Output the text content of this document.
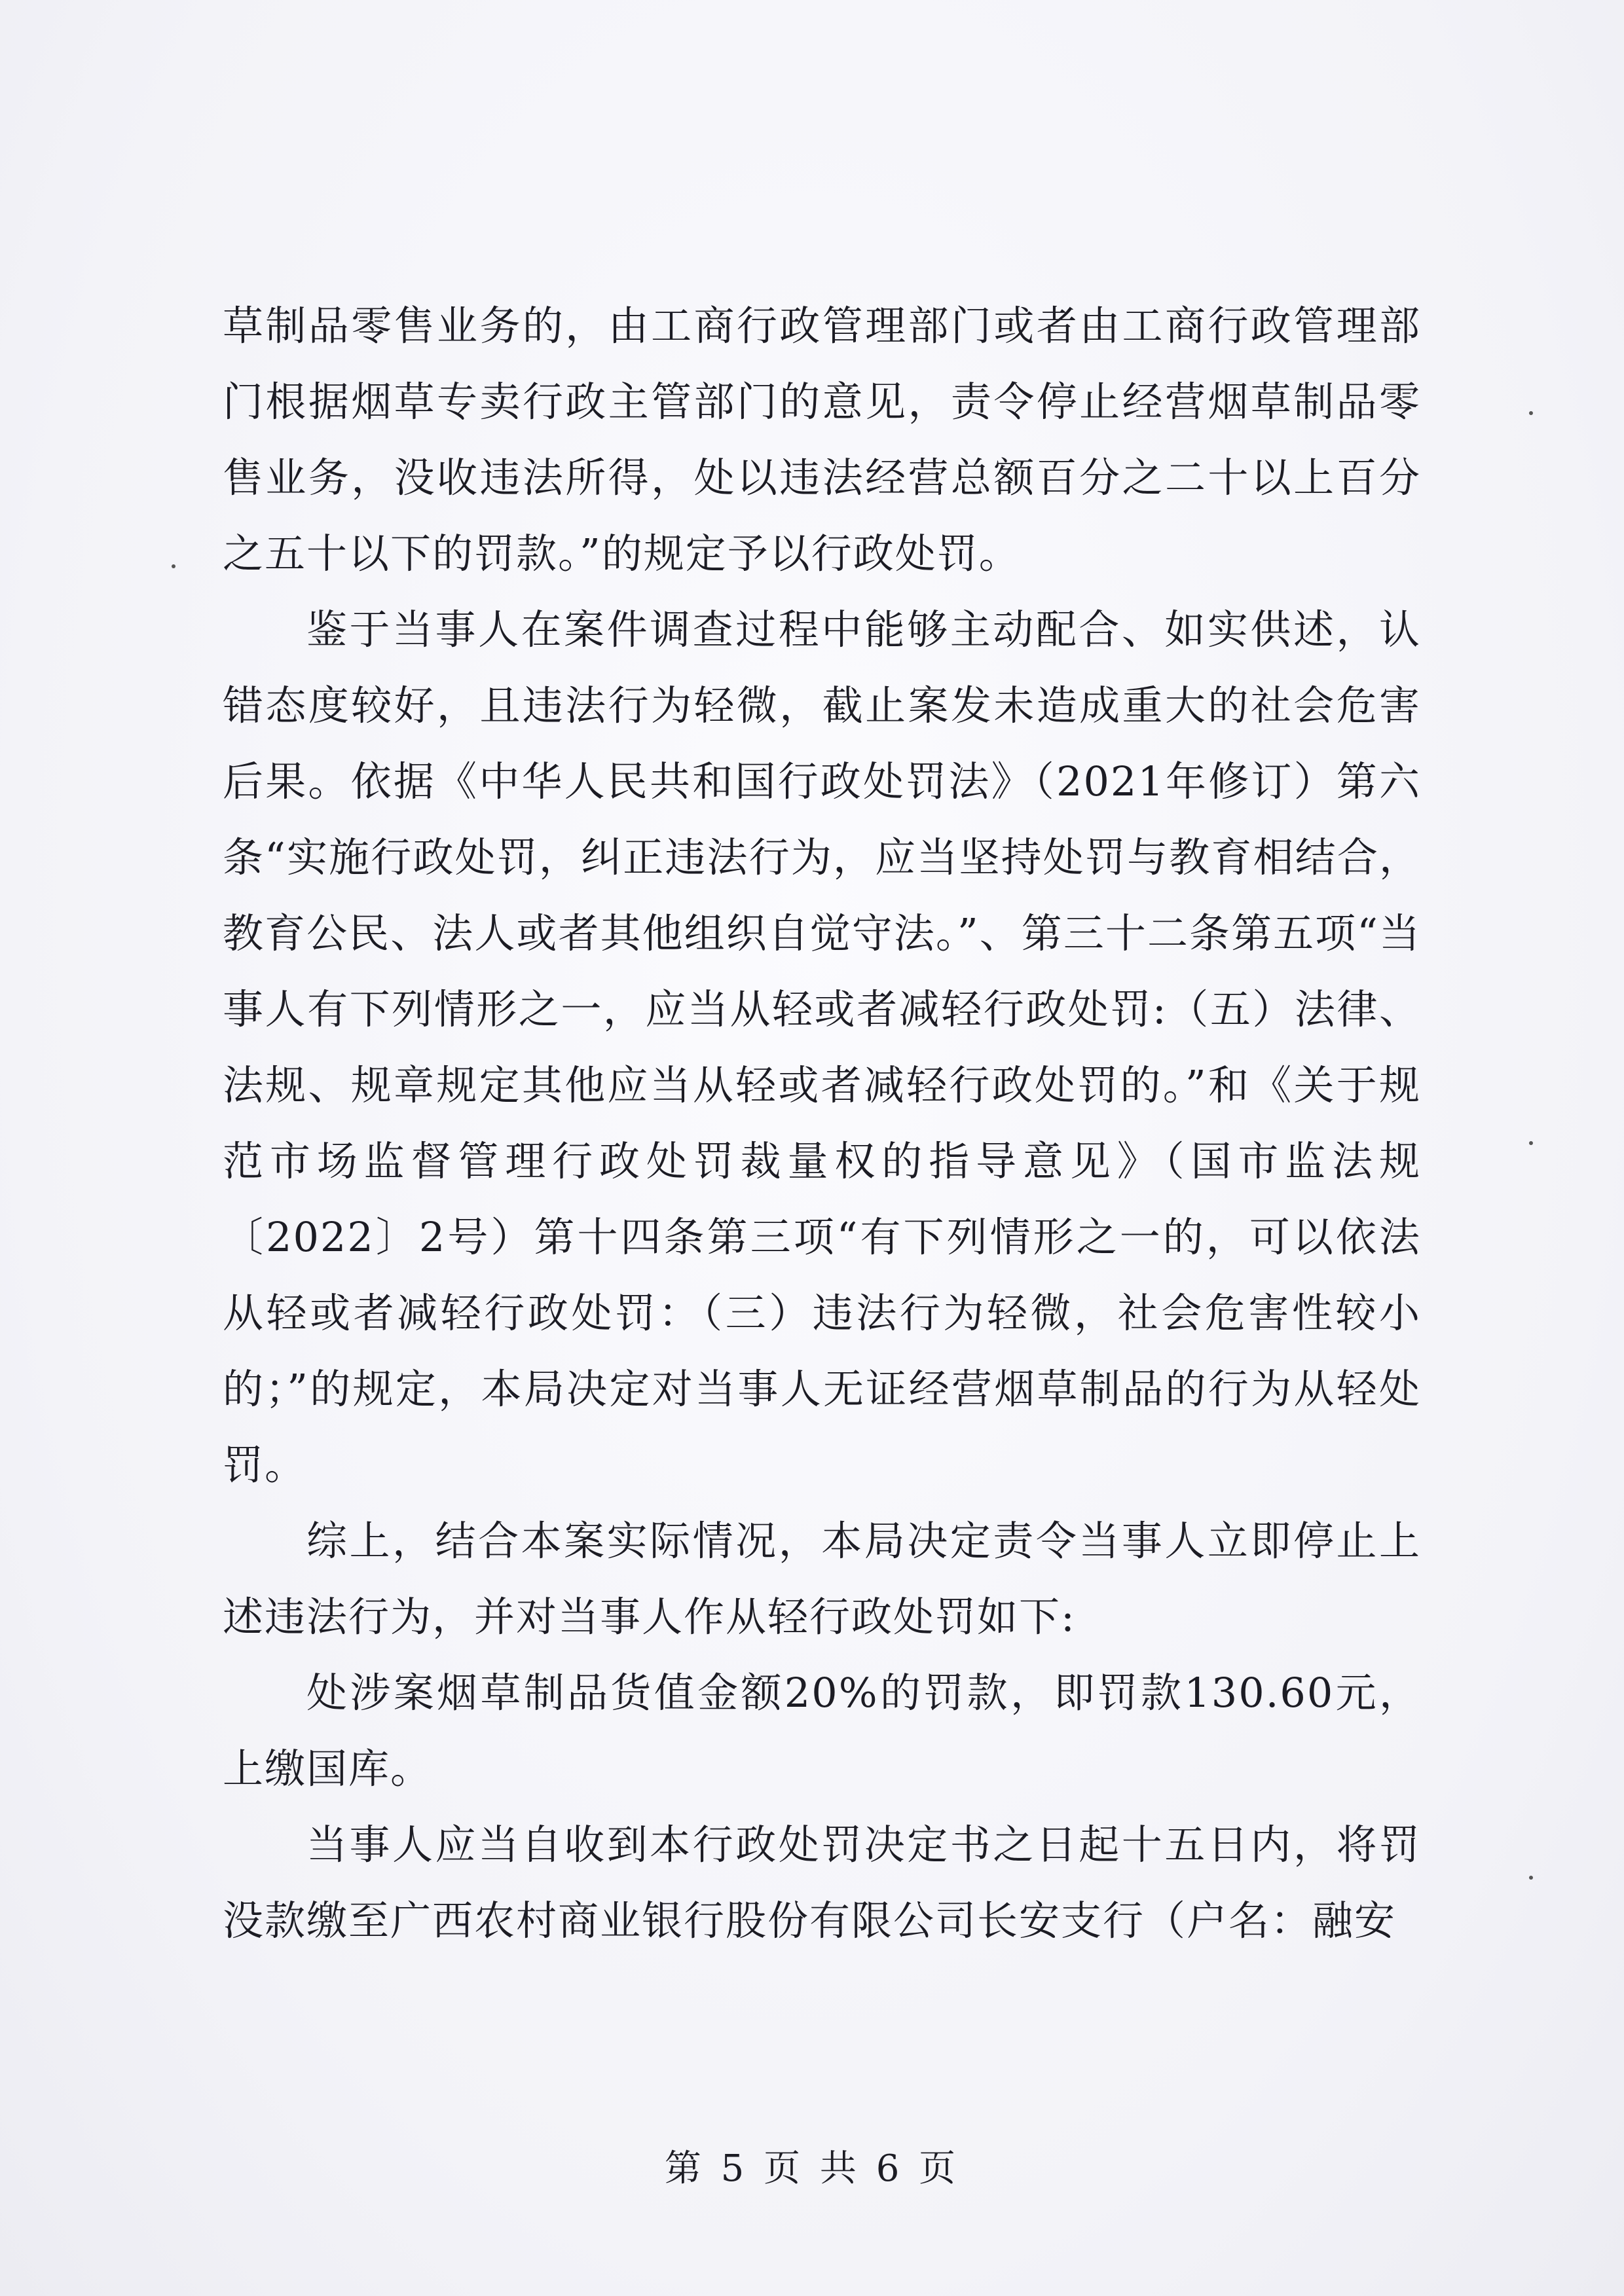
草制品零售业务的，由工商行政管理部门或者由工商行政管理部门根据烟草专卖行政主管部门的意见，责令停止经营烟草制品零售业务，没收违法所得，处以违法经营总额百分之二十以上百分之五十以下的罚款。”的规定予以行政处罚。

鉴于当事人在案件调查过程中能够主动配合、如实供述，认错态度较好，且违法行为轻微，截止案发未造成重大的社会危害后果。依据《中华人民共和国行政处罚法》（2021年修订）第六条“实施行政处罚，纠正违法行为，应当坚持处罚与教育相结合，教育公民、法人或者其他组织自觉守法。”、第三十二条第五项“当事人有下列情形之一，应当从轻或者减轻行政处罚:（五）法律、法规、规章规定其他应当从轻或者减轻行政处罚的。”和《关于规范市场监督管理行政处罚裁量权的指导意见》（国市监法规〔2022〕2号）第十四条第三项“有下列情形之一的，可以依法从轻或者减轻行政处罚：（三）违法行为轻微，社会危害性较小的；”的规定，本局决定对当事人无证经营烟草制品的行为从轻处罚。

综上，结合本案实际情况，本局决定责令当事人立即停止上述违法行为，并对当事人作从轻行政处罚如下:

处涉案烟草制品货值金额20%的罚款，即罚款130.60元，上缴国库。

当事人应当自收到本行政处罚决定书之日起十五日内，将罚没款缴至广西农村商业银行股份有限公司长安支行（户名：融安

第 5 页 共 6 页
